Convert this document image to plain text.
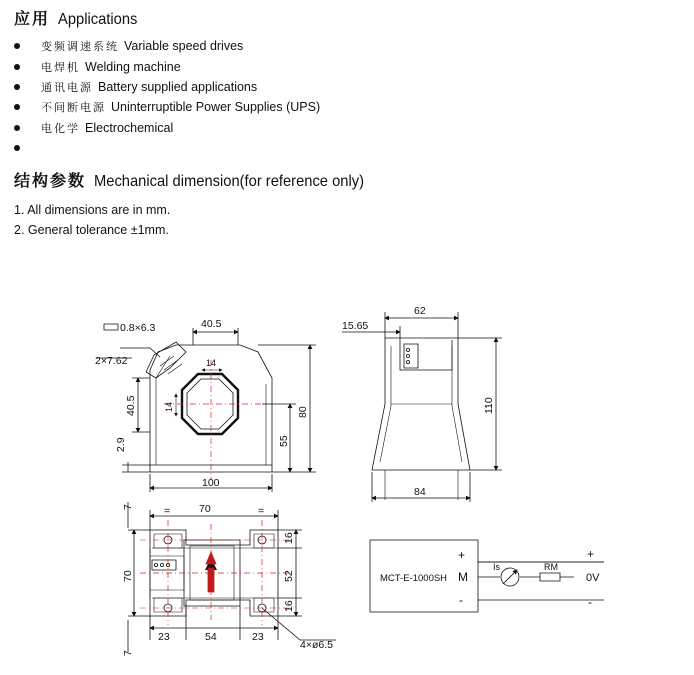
应用 Applications
变频调速系统 Variable speed drives
电焊机 Welding machine
通讯电源 Battery supplied applications
不间断电源 Uninterruptible Power Supplies (UPS)
电化学 Electrochemical
结构参数 Mechanical dimension(for reference only)
1. All dimensions are in mm.
2. General tolerance ±1mm.
0.8×6.3	40.5
2×7.62	14
14
40.5
2.9	55
80
100
62
15.65
110
84
7	=	70	=
16
70	52
16
23	54	23
4×ø6.5
7
MCT-E-1000SH
+
M
-
Is	RM
+
0V
-
